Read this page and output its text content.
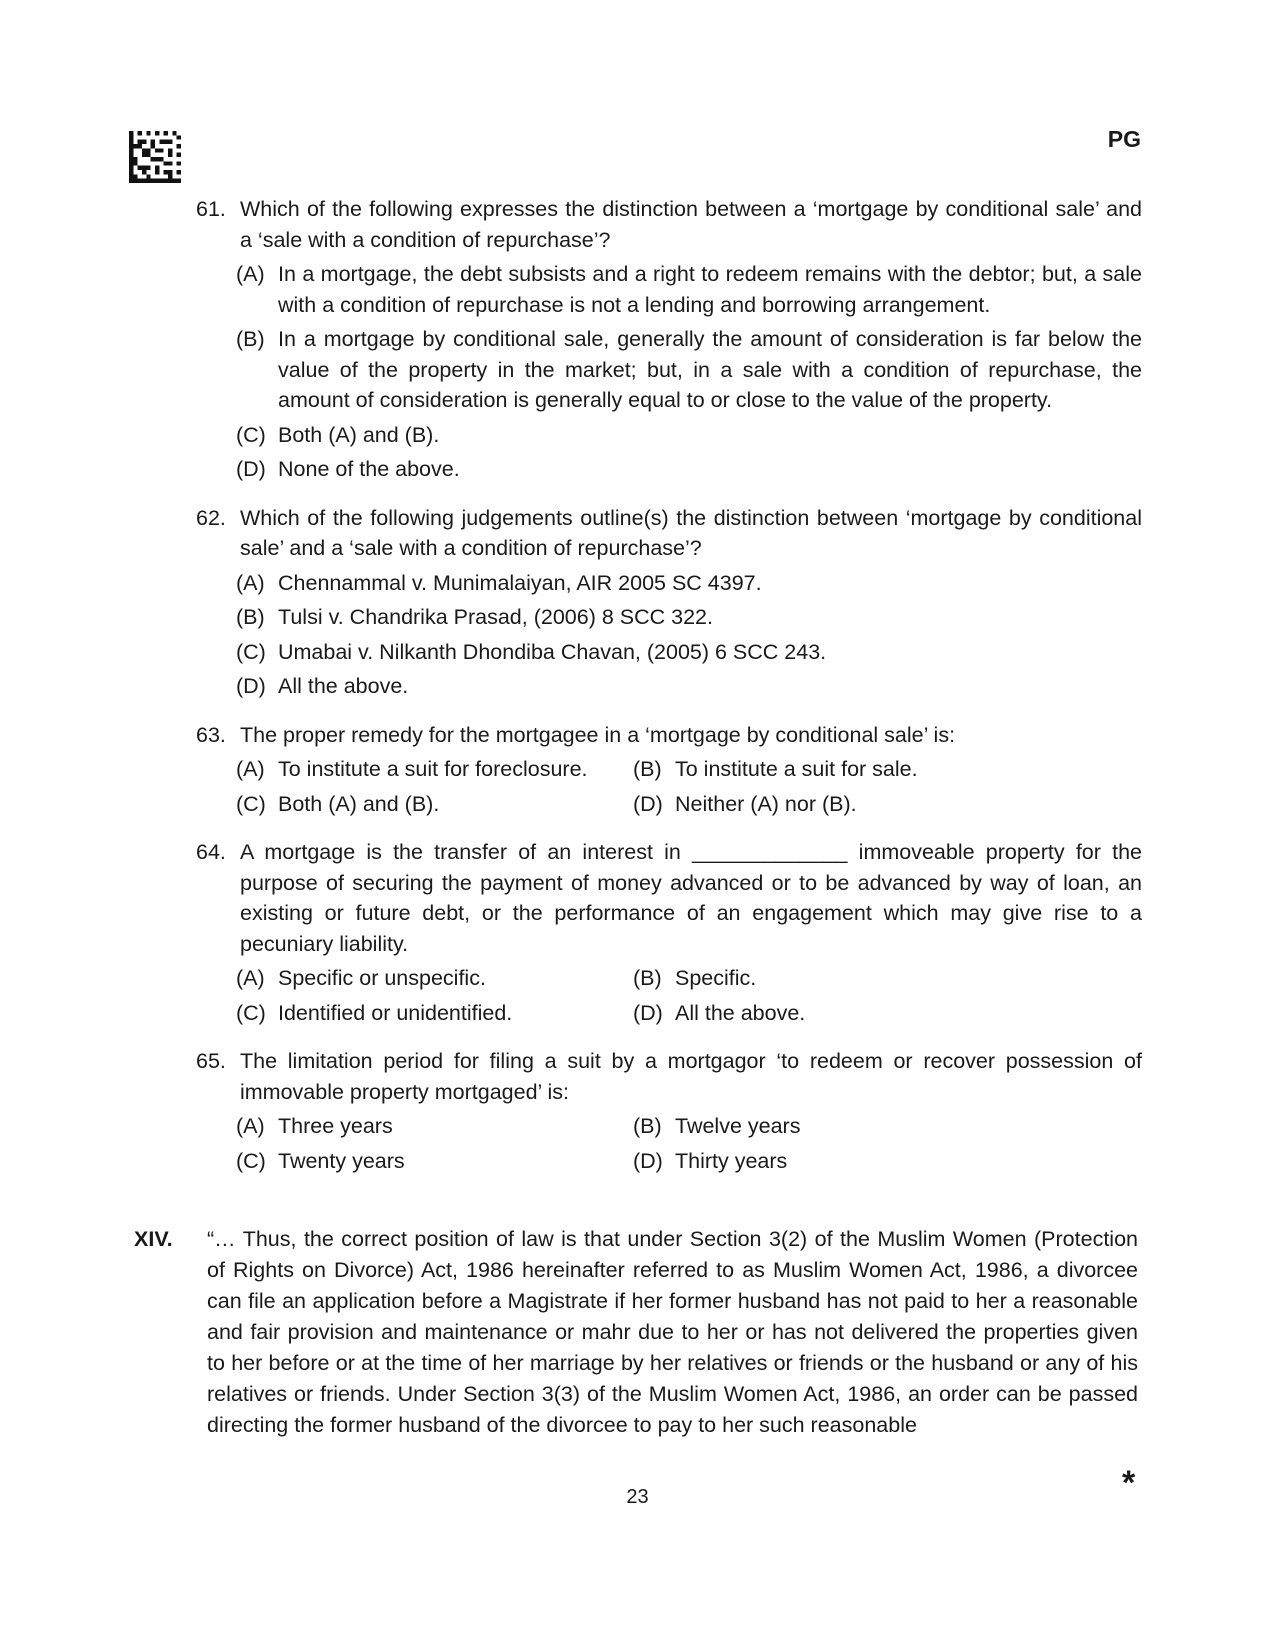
PG
61. Which of the following expresses the distinction between a ‘mortgage by conditional sale’ and a ‘sale with a condition of repurchase’?
(A) In a mortgage, the debt subsists and a right to redeem remains with the debtor; but, a sale with a condition of repurchase is not a lending and borrowing arrangement.
(B) In a mortgage by conditional sale, generally the amount of consideration is far below the value of the property in the market; but, in a sale with a condition of repurchase, the amount of consideration is generally equal to or close to the value of the property.
(C) Both (A) and (B).
(D) None of the above.
62. Which of the following judgements outline(s) the distinction between ‘mortgage by conditional sale’ and a ‘sale with a condition of repurchase’?
(A) Chennammal v. Munimalaiyan, AIR 2005 SC 4397.
(B) Tulsi v. Chandrika Prasad, (2006) 8 SCC 322.
(C) Umabai v. Nilkanth Dhondiba Chavan, (2005) 6 SCC 243.
(D) All the above.
63. The proper remedy for the mortgagee in a ‘mortgage by conditional sale’ is:
(A) To institute a suit for foreclosure.	(B) To institute a suit for sale.
(C) Both (A) and (B).	(D) Neither (A) nor (B).
64. A mortgage is the transfer of an interest in _____________ immoveable property for the purpose of securing the payment of money advanced or to be advanced by way of loan, an existing or future debt, or the performance of an engagement which may give rise to a pecuniary liability.
(A) Specific or unspecific.	(B) Specific.
(C) Identified or unidentified.	(D) All the above.
65. The limitation period for filing a suit by a mortgagor ‘to redeem or recover possession of immovable property mortgaged’ is:
(A) Three years	(B) Twelve years
(C) Twenty years	(D) Thirty years
XIV.	“… Thus, the correct position of law is that under Section 3(2) of the Muslim Women (Protection of Rights on Divorce) Act, 1986 hereinafter referred to as Muslim Women Act, 1986, a divorcee can file an application before a Magistrate if her former husband has not paid to her a reasonable and fair provision and maintenance or mahr due to her or has not delivered the properties given to her before or at the time of her marriage by her relatives or friends or the husband or any of his relatives or friends. Under Section 3(3) of the Muslim Women Act, 1986, an order can be passed directing the former husband of the divorcee to pay to her such reasonable
23	*
